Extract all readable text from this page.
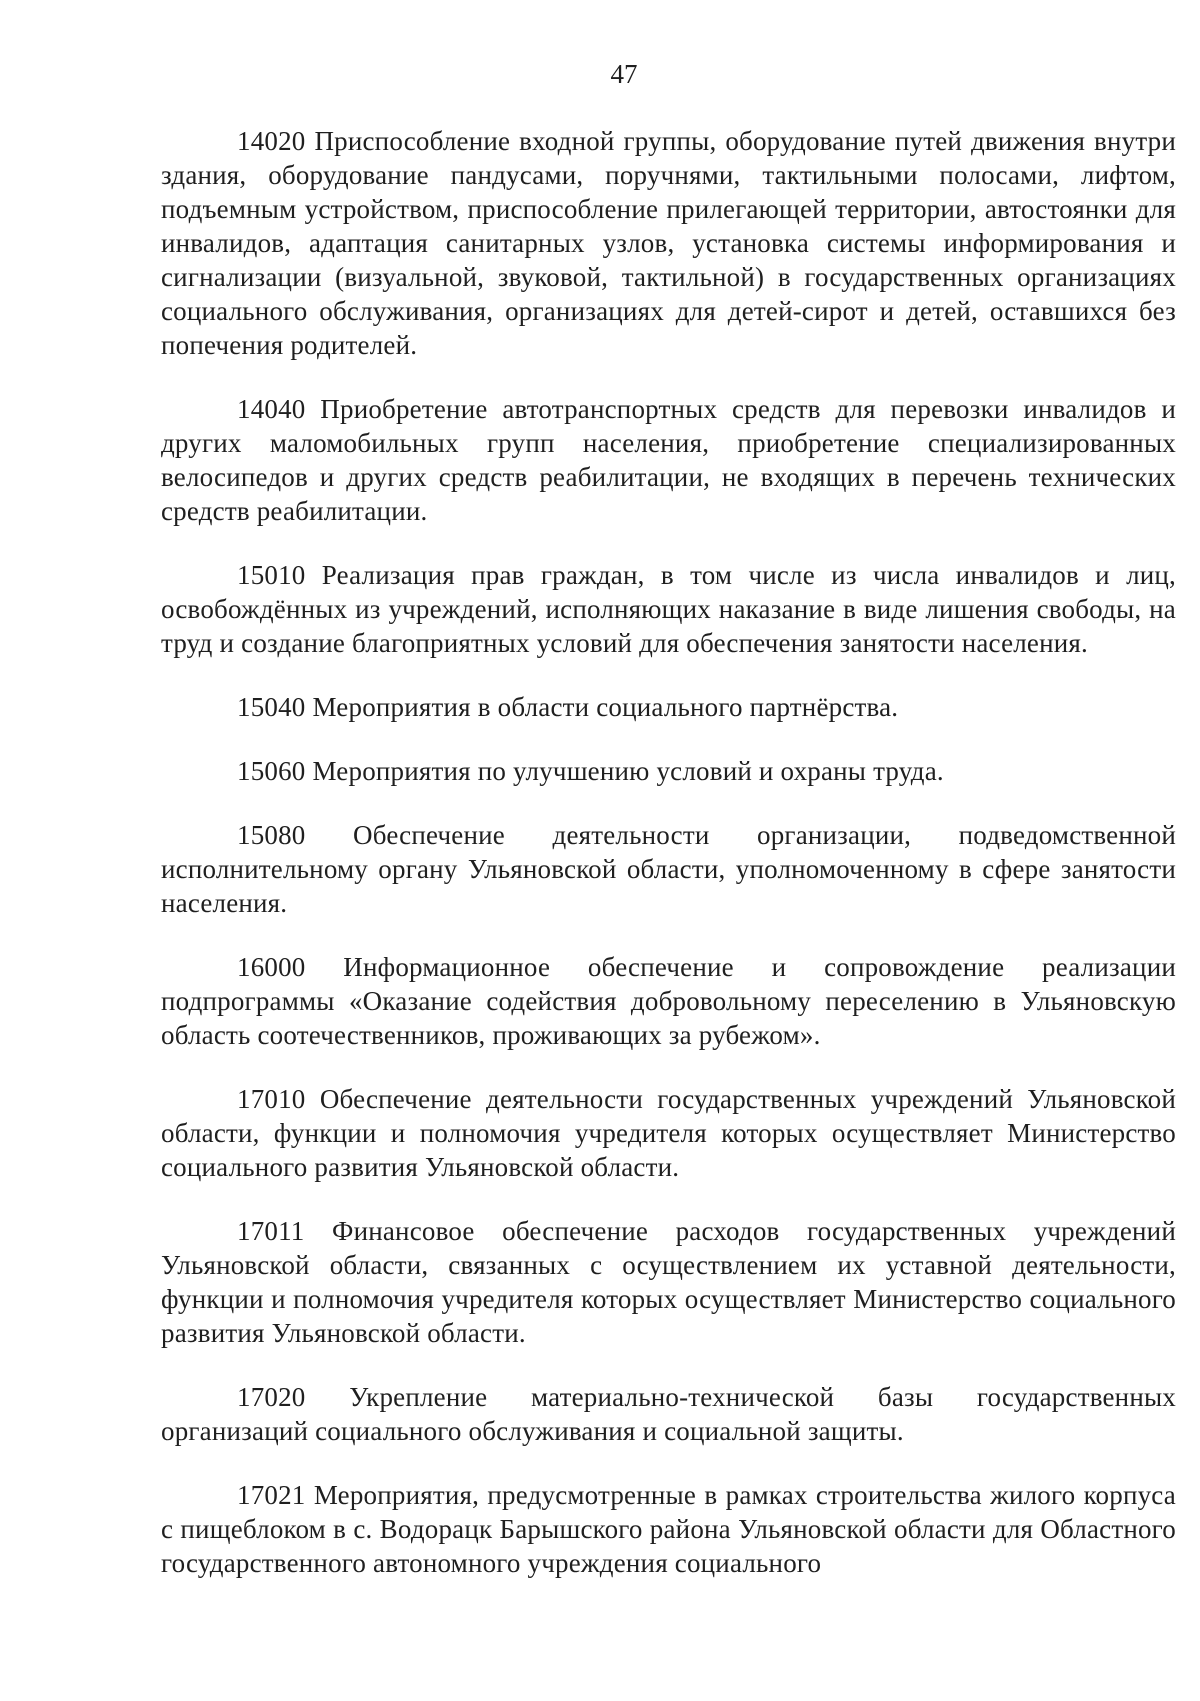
47

14020 Приспособление входной группы, оборудование путей движения внутри здания, оборудование пандусами, поручнями, тактильными полосами, лифтом, подъемным устройством, приспособление прилегающей территории, автостоянки для инвалидов, адаптация санитарных узлов, установка системы информирования и сигнализации (визуальной, звуковой, тактильной) в государственных организациях социального обслуживания, организациях для детей-сирот и детей, оставшихся без попечения родителей.

14040 Приобретение автотранспортных средств для перевозки инвалидов и других маломобильных групп населения, приобретение специализированных велосипедов и других средств реабилитации, не входящих в перечень технических средств реабилитации.

15010 Реализация прав граждан, в том числе из числа инвалидов и лиц, освобождённых из учреждений, исполняющих наказание в виде лишения свободы, на труд и создание благоприятных условий для обеспечения занятости населения.

15040 Мероприятия в области социального партнёрства.

15060 Мероприятия по улучшению условий и охраны труда.

15080 Обеспечение деятельности организации, подведомственной исполнительному органу Ульяновской области, уполномоченному в сфере занятости населения.

16000 Информационное обеспечение и сопровождение реализации подпрограммы «Оказание содействия добровольному переселению в Ульяновскую область соотечественников, проживающих за рубежом».

17010 Обеспечение деятельности государственных учреждений Ульяновской области, функции и полномочия учредителя которых осуществляет Министерство социального развития Ульяновской области.

17011 Финансовое обеспечение расходов государственных учреждений Ульяновской области, связанных с осуществлением их уставной деятельности, функции и полномочия учредителя которых осуществляет Министерство социального развития Ульяновской области.

17020 Укрепление материально-технической базы государственных организаций социального обслуживания и социальной защиты.

17021 Мероприятия, предусмотренные в рамках строительства жилого корпуса с пищеблоком в с. Водорацк Барышского района Ульяновской области для Областного государственного автономного учреждения социального
